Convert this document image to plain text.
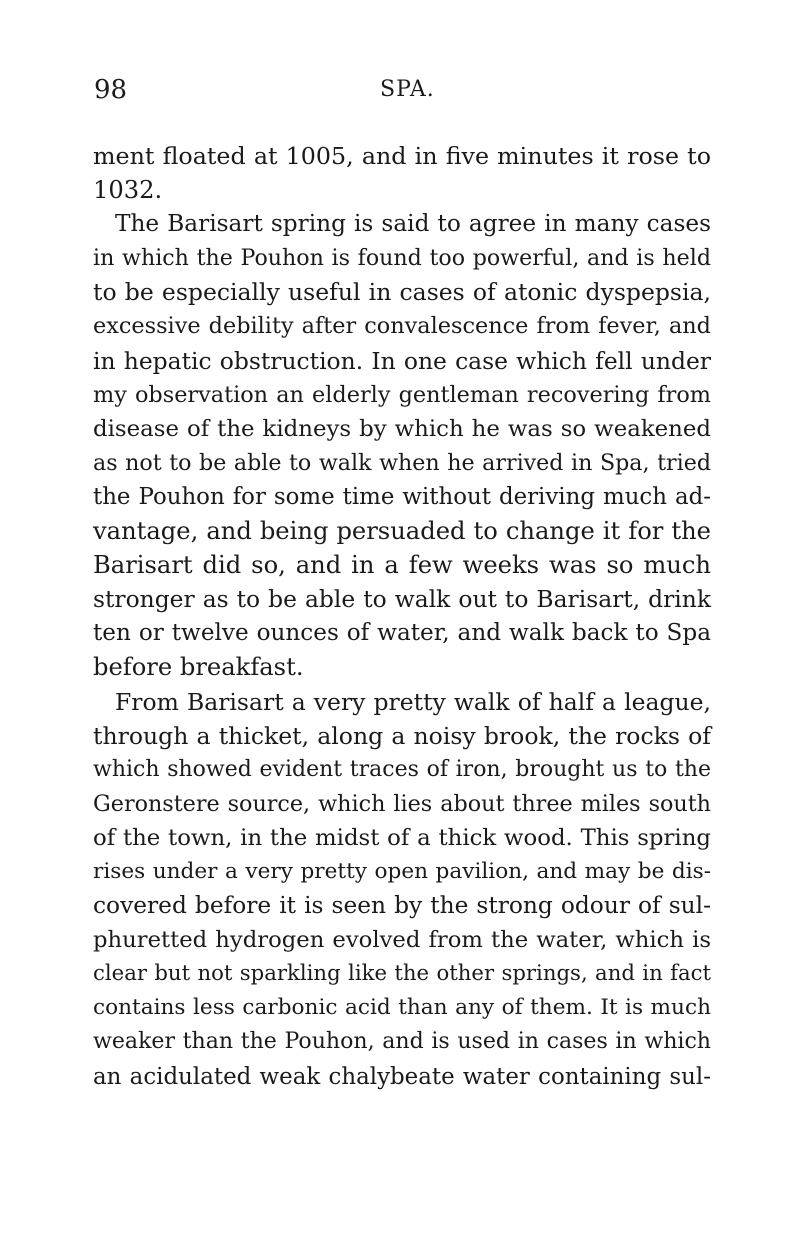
98	SPA.
ment floated at 1005, and in five minutes it rose to
1032.
The Barisart spring is said to agree in many cases
in which the Pouhon is found too powerful, and is held
to be especially useful in cases of atonic dyspepsia,
excessive debility after convalescence from fever, and
in hepatic obstruction. In one case which fell under
my observation an elderly gentleman recovering from
disease of the kidneys by which he was so weakened
as not to be able to walk when he arrived in Spa, tried
the Pouhon for some time without deriving much ad-
vantage, and being persuaded to change it for the
Barisart did so, and in a few weeks was so much
stronger as to be able to walk out to Barisart, drink
ten or twelve ounces of water, and walk back to Spa
before breakfast.
From Barisart a very pretty walk of half a league,
through a thicket, along a noisy brook, the rocks of
which showed evident traces of iron, brought us to the
Geronstere source, which lies about three miles south
of the town, in the midst of a thick wood. This spring
rises under a very pretty open pavilion, and may be dis-
covered before it is seen by the strong odour of sul-
phuretted hydrogen evolved from the water, which is
clear but not sparkling like the other springs, and in fact
contains less carbonic acid than any of them. It is much
weaker than the Pouhon, and is used in cases in which
an acidulated weak chalybeate water containing sul-
